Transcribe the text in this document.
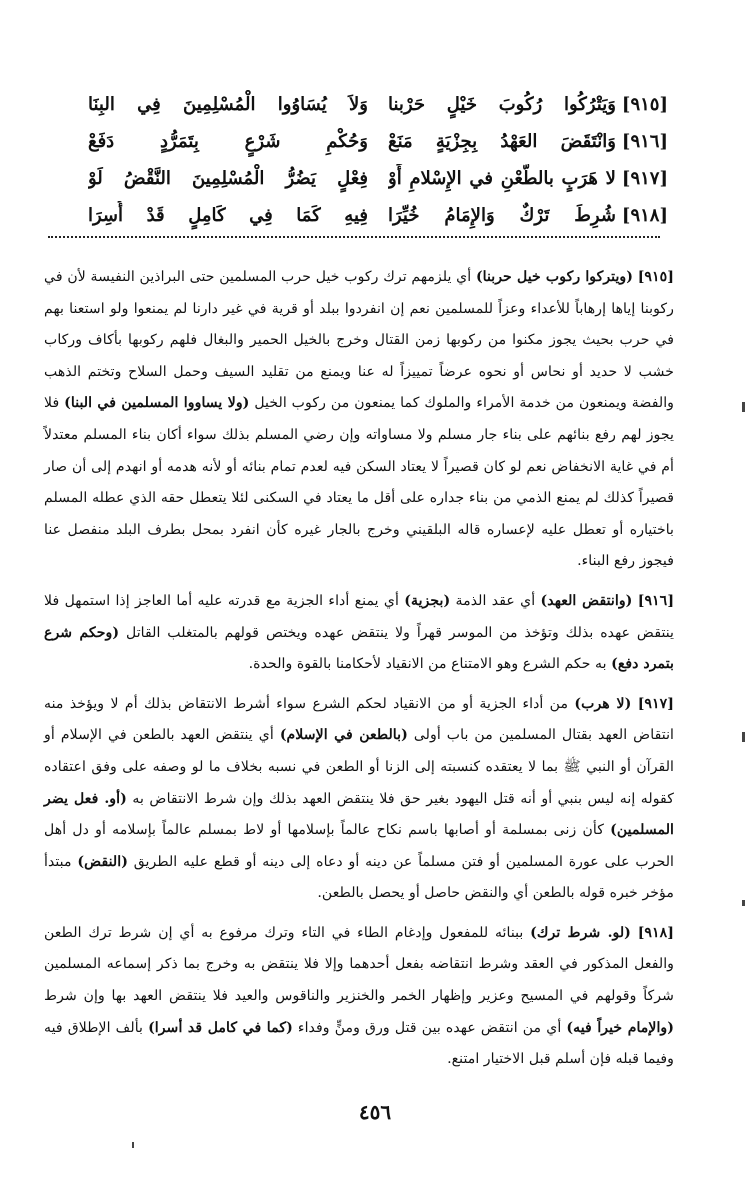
[٩١٥]وَيَتْرُكُوا رُكُوبَ خَيْلٍ حَرْبنا
وَلاَ يُسَاوُوا الْمُسْلِمِينَ فِي البِنَا
[٩١٦]وَانْتَقَضَ العَهْدُ بِجِزْيَةٍ مَنَعْ
وَحُكْمِ شَرْعٍ بِتَمَرُّدٍ دَفَعْ
[٩١٧]لا هَرَبٍ بالطَّعْنِ في الإِسْلامِ أَوْ
فِعْلٍ يَضُرُّ الْمُسْلِمِينَ النَّقْضُ لَوْ
[٩١٨]شُرِطَ تَرْكٌ وَالإِمَامُ خُيِّرَا
فِيهِ كَمَا فِي كَامِلٍ قَدْ أُسِرَا

[٩١٥] (ويتركوا ركوب خيل حربنا) أي يلزمهم ترك ركوب خيل حرب المسلمين حتى البراذين النفيسة لأن في ركوبنا إياها إرهاباً للأعداء وعزاً للمسلمين نعم إن انفردوا ببلد أو قرية في غير دارنا لم يمنعوا ولو استعنا بهم في حرب بحيث يجوز مكنوا من ركوبها زمن القتال وخرج بالخيل الحمير والبغال فلهم ركوبها بأكاف وركاب خشب لا حديد أو نحاس أو نحوه عرضاً تمييزاً له عنا ويمنع من تقليد السيف وحمل السلاح وتختم الذهب والفضة ويمنعون من خدمة الأمراء والملوك كما يمنعون من ركوب الخيل (ولا يساووا المسلمين في البنا) فلا يجوز لهم رفع بنائهم على بناء جار مسلم ولا مساواته وإن رضي المسلم بذلك سواء أكان بناء المسلم معتدلاً أم في غاية الانخفاض نعم لو كان قصيراً لا يعتاد السكن فيه لعدم تمام بنائه أو لأنه هدمه أو انهدم إلى أن صار قصيراً كذلك لم يمنع الذمي من بناء جداره على أقل ما يعتاد في السكنى لئلا يتعطل حقه الذي عطله المسلم باختياره أو تعطل عليه لإعساره قاله البلقيني وخرج بالجار غيره كأن انفرد بمحل بطرف البلد منفصل عنا فيجوز رفع البناء.

[٩١٦] (وانتقض العهد) أي عقد الذمة (بجزية) أي يمنع أداء الجزية مع قدرته عليه أما العاجز إذا استمهل فلا ينتقض عهده بذلك وتؤخذ من الموسر قهراً ولا ينتقض عهده ويختص قولهم بالمتغلب القاتل (وحكم شرع بتمرد دفع) به حكم الشرع وهو الامتناع من الانقياد لأحكامنا بالقوة والحدة.

[٩١٧] (لا هرب) من أداء الجزية أو من الانقياد لحكم الشرع سواء أشرط الانتقاض بذلك أم لا ويؤخذ منه انتقاض العهد بقتال المسلمين من باب أولى (بالطعن في الإسلام) أي ينتقض العهد بالطعن في الإسلام أو القرآن أو النبي ﷺ بما لا يعتقده كنسبته إلى الزنا أو الطعن في نسبه بخلاف ما لو وصفه على وفق اعتقاده كقوله إنه ليس بنبي أو أنه قتل اليهود بغير حق فلا ينتقض العهد بذلك وإن شرط الانتقاض به (أو. فعل يضر المسلمين) كأن زنى بمسلمة أو أصابها باسم نكاح عالماً بإسلامها أو لاط بمسلم عالماً بإسلامه أو دل أهل الحرب على عورة المسلمين أو فتن مسلماً عن دينه أو دعاه إلى دينه أو قطع عليه الطريق (النقض) مبتدأ مؤخر خبره قوله بالطعن أي والنقض حاصل أو يحصل بالطعن.

[٩١٨] (لو. شرط ترك) ببنائه للمفعول وإدغام الطاء في التاء وترك مرفوع به أي إن شرط ترك الطعن والفعل المذكور في العقد وشرط انتقاضه بفعل أحدهما وإلا فلا ينتقض به وخرج بما ذكر إسماعه المسلمين شركاً وقولهم في المسيح وعزير وإظهار الخمر والخنزير والناقوس والعيد فلا ينتقض العهد بها وإن شرط (والإمام خيراً فيه) أي من انتقض عهده بين قتل ورق ومنٍّ وفداء (كما في كامل قد أسرا) بألف الإطلاق فيه وفيما قبله فإن أسلم قبل الاختيار امتنع.

٤٥٦
